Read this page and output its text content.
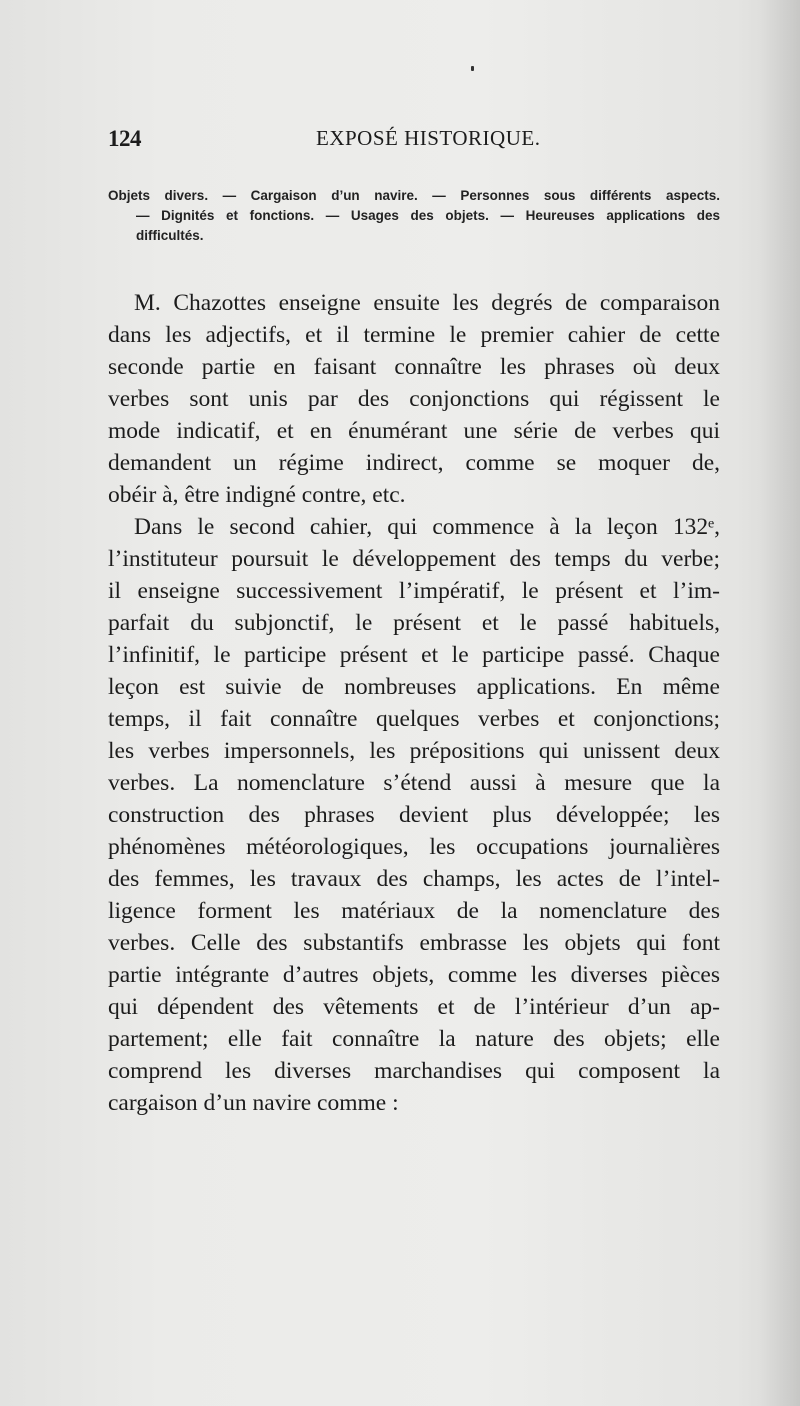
124	EXPOSÉ HISTORIQUE.
Objets divers. — Cargaison d’un navire. — Personnes sous différents aspects.
— Dignités et fonctions. — Usages des objets. — Heureuses applications des
difficultés.
M. Chazottes enseigne ensuite les degrés de comparaison
dans les adjectifs, et il termine le premier cahier de cette
seconde partie en faisant connaître les phrases où deux
verbes sont unis par des conjonctions qui régissent le
mode indicatif, et en énumérant une série de verbes qui
demandent un régime indirect, comme se moquer de,
obéir à, être indigné contre, etc.
Dans le second cahier, qui commence à la leçon 132ᵉ,
l’instituteur poursuit le développement des temps du verbe;
il enseigne successivement l’impératif, le présent et l’im-
parfait du subjonctif, le présent et le passé habituels,
l’infinitif, le participe présent et le participe passé. Chaque
leçon est suivie de nombreuses applications. En même
temps, il fait connaître quelques verbes et conjonctions;
les verbes impersonnels, les prépositions qui unissent deux
verbes. La nomenclature s’étend aussi à mesure que la
construction des phrases devient plus développée; les
phénomènes météorologiques, les occupations journalières
des femmes, les travaux des champs, les actes de l’intel-
ligence forment les matériaux de la nomenclature des
verbes. Celle des substantifs embrasse les objets qui font
partie intégrante d’autres objets, comme les diverses pièces
qui dépendent des vêtements et de l’intérieur d’un ap-
partement; elle fait connaître la nature des objets; elle
comprend les diverses marchandises qui composent la
cargaison d’un navire comme :
